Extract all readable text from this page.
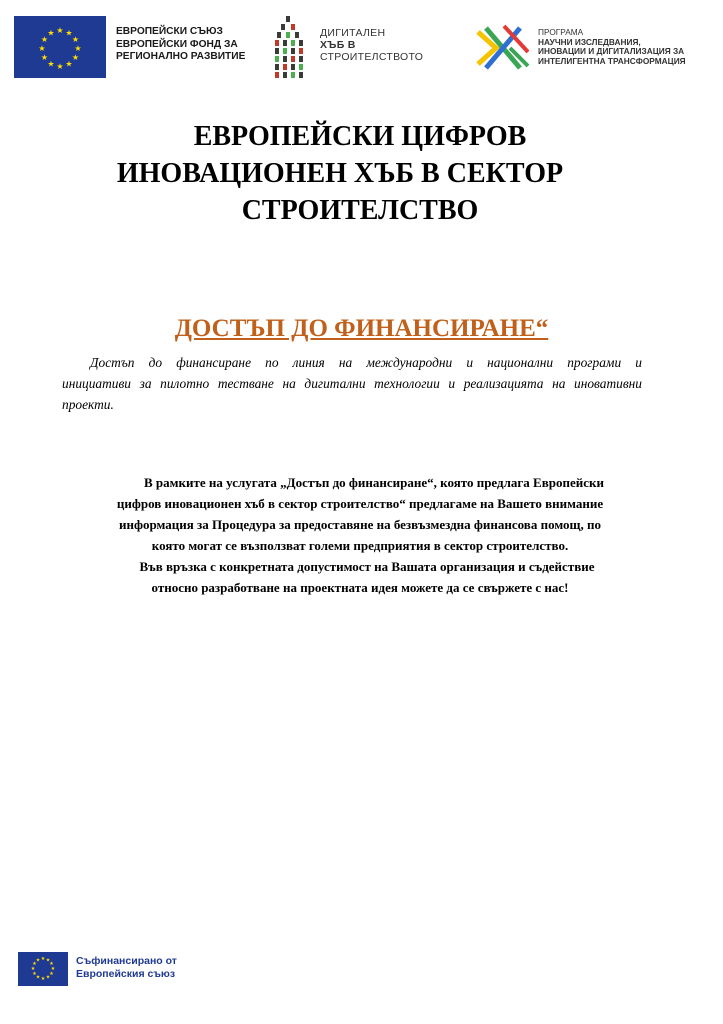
★ ★
★
★
★
★
★
★
★
★
★
★	ЕВРОПЕЙСКИ СЪЮЗ
ЕВРОПЕЙСКИ ФОНД ЗА
РЕГИОНАЛНО РАЗВИТИЕ
ДИГИТАЛЕН
ХЪБ В
СТРОИТЕЛСТВОТО
ПРОГРАМА
НАУЧНИ ИЗСЛЕДВАНИЯ,
ИНОВАЦИИ И ДИГИТАЛИЗАЦИЯ ЗА
ИНТЕЛИГЕНТНА ТРАНСФОРМАЦИЯ
ЕВРОПЕЙСКИ ЦИФРОВ
ИНОВАЦИОНЕН ХЪБ В СЕКТОР
СТРОИТЕЛСТВО
ДОСТЪП ДО ФИНАНСИРАНЕ“
Достъп до финансиране по линия на международни и национални програми и
инициативи за пилотно тестване на дигитални технологии и реализацията на иновативни проекти.
В рамките на услугата „Достъп до финансиране“, която предлага Европейски
цифров иновационен хъб в сектор строителство“ предлагаме на Вашето внимание
информация за Процедура за предоставяне на безвъзмездна финансова помощ, по
която могат се възползват големи предприятия в сектор строителство.
Във връзка с конкретната допустимост на Вашата организация и съдействие
относно разработване на проектната идея можете да се свържете с нас!
★ ★
★
★
★
★
★
★
★
★
★
★	Съфинансирано от
Европейския съюз
